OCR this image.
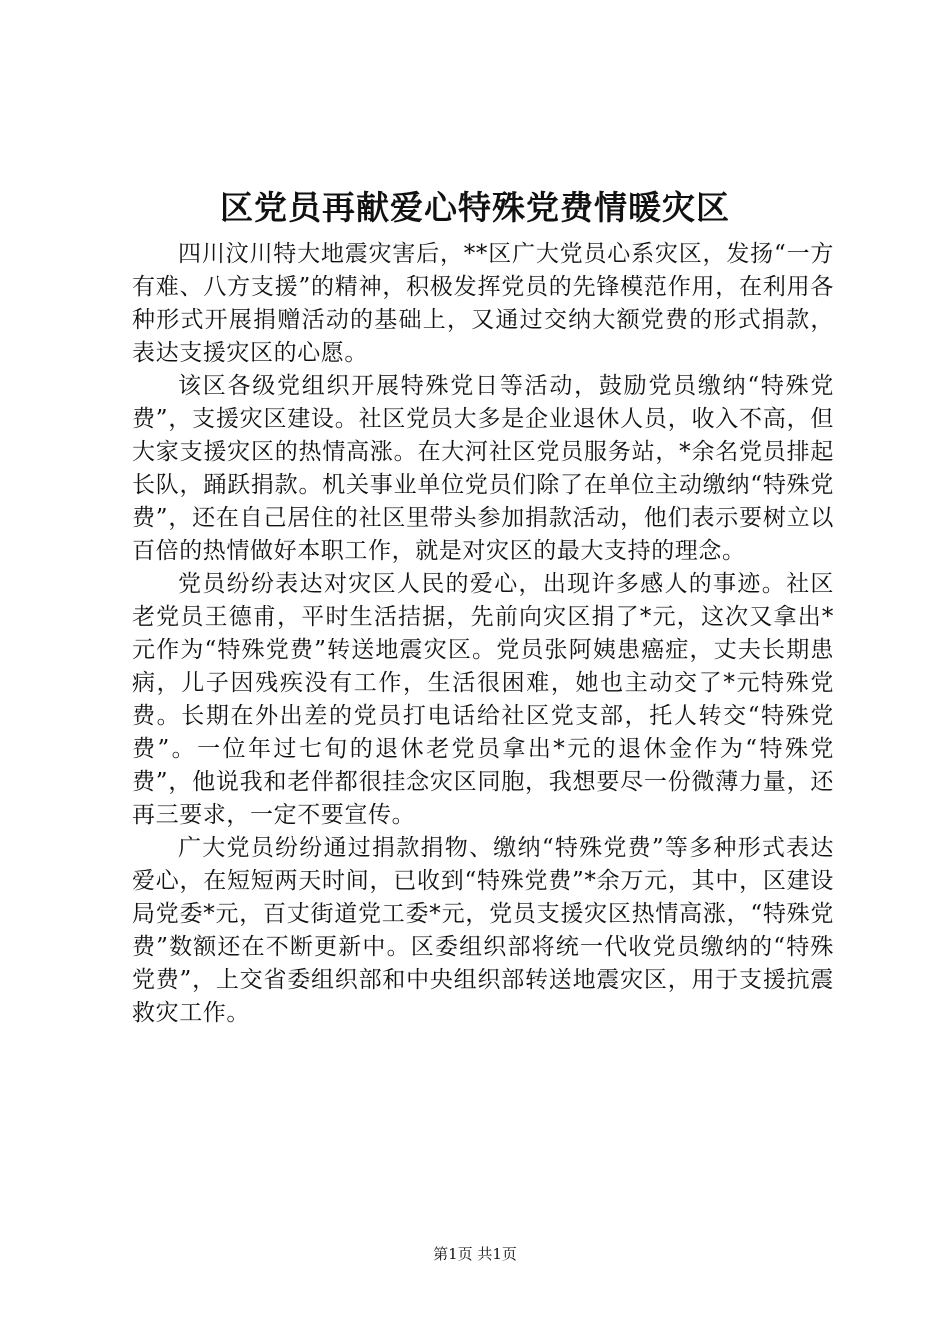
区党员再献爱心特殊党费情暖灾区

四川汶川特大地震灾害后，**区广大党员心系灾区，发扬“一方有难、八方支援”的精神，积极发挥党员的先锋模范作用，在利用各种形式开展捐赠活动的基础上，又通过交纳大额党费的形式捐款，表达支援灾区的心愿。

该区各级党组织开展特殊党日等活动，鼓励党员缴纳“特殊党费”，支援灾区建设。社区党员大多是企业退休人员，收入不高，但大家支援灾区的热情高涨。在大河社区党员服务站，*余名党员排起长队，踊跃捐款。机关事业单位党员们除了在单位主动缴纳“特殊党费”，还在自己居住的社区里带头参加捐款活动，他们表示要树立以百倍的热情做好本职工作，就是对灾区的最大支持的理念。

党员纷纷表达对灾区人民的爱心，出现许多感人的事迹。社区老党员王德甫，平时生活拮据，先前向灾区捐了*元，这次又拿出*元作为“特殊党费”转送地震灾区。党员张阿姨患癌症，丈夫长期患病，儿子因残疾没有工作，生活很困难，她也主动交了*元特殊党费。长期在外出差的党员打电话给社区党支部，托人转交“特殊党费”。一位年过七旬的退休老党员拿出*元的退休金作为“特殊党费”，他说我和老伴都很挂念灾区同胞，我想要尽一份微薄力量，还再三要求，一定不要宣传。

广大党员纷纷通过捐款捐物、缴纳“特殊党费”等多种形式表达爱心，在短短两天时间，已收到“特殊党费”*余万元，其中，区建设局党委*元，百丈街道党工委*元，党员支援灾区热情高涨，“特殊党费”数额还在不断更新中。区委组织部将统一代收党员缴纳的“特殊党费”，上交省委组织部和中央组织部转送地震灾区，用于支援抗震救灾工作。

第1页 共1页
